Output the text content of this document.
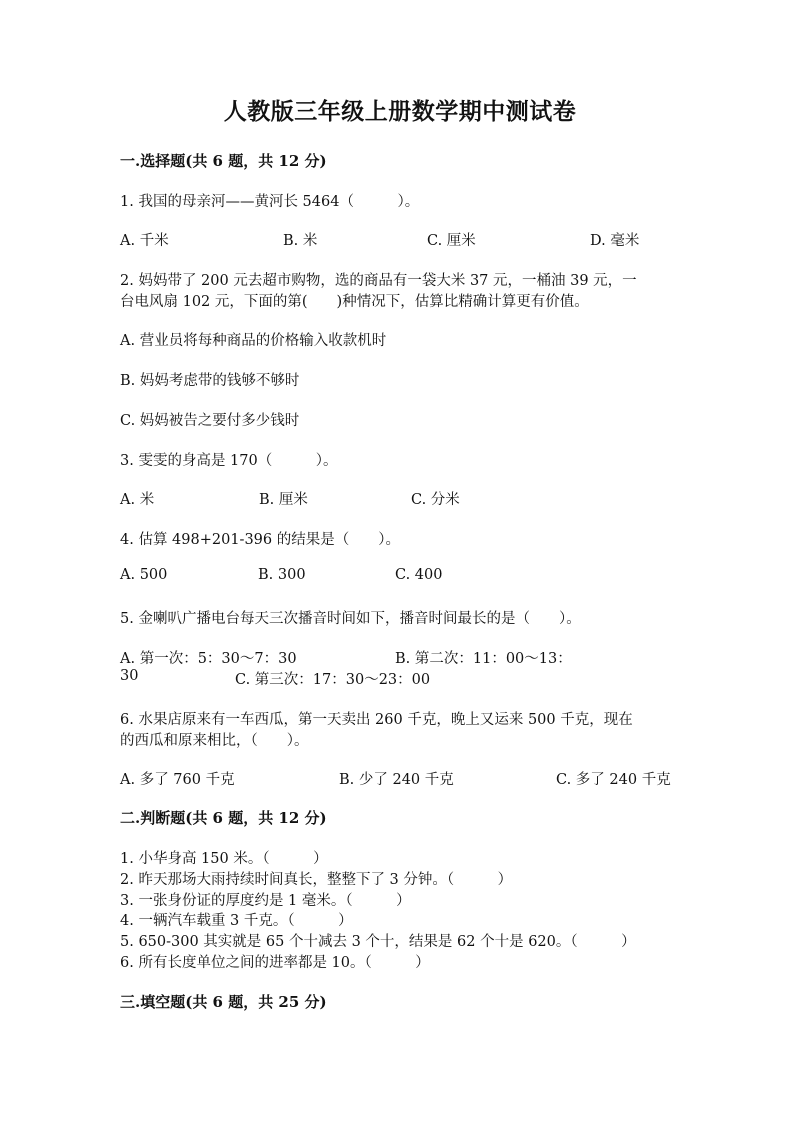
人教版三年级上册数学期中测试卷
一.选择题(共 6 题，共 12 分)
1. 我国的母亲河——黄河长 5464（　　　）。
A. 千米	B. 米	C. 厘米	D. 毫米
2. 妈妈带了 200 元去超市购物，选的商品有一袋大米 37 元，一桶油 39 元，一
台电风扇 102 元，下面的第(　　)种情况下，估算比精确计算更有价值。
A. 营业员将每种商品的价格输入收款机时
B. 妈妈考虑带的钱够不够时
C. 妈妈被告之要付多少钱时
3. 雯雯的身高是 170（　　　）。
A. 米	B. 厘米	C. 分米
4. 估算 498+201-396 的结果是（　　）。
A. 500	B. 300	C. 400
5. 金喇叭广播电台每天三次播音时间如下，播音时间最长的是（　　）。
A. 第一次：5：30～7：30	B. 第二次：11：00～13：
30	C. 第三次：17：30～23：00
6. 水果店原来有一车西瓜，第一天卖出 260 千克，晚上又运来 500 千克，现在
的西瓜和原来相比，（　　）。
A. 多了 760 千克	B. 少了 240 千克	C. 多了 240 千克
二.判断题(共 6 题，共 12 分)
1. 小华身高 150 米。（　　　）
2. 昨天那场大雨持续时间真长，整整下了 3 分钟。（　　　）
3. 一张身份证的厚度约是 1 毫米。（　　　）
4. 一辆汽车载重 3 千克。（　　　）
5. 650-300 其实就是 65 个十减去 3 个十，结果是 62 个十是 620。（　　　）
6. 所有长度单位之间的进率都是 10。（　　　）
三.填空题(共 6 题，共 25 分)
